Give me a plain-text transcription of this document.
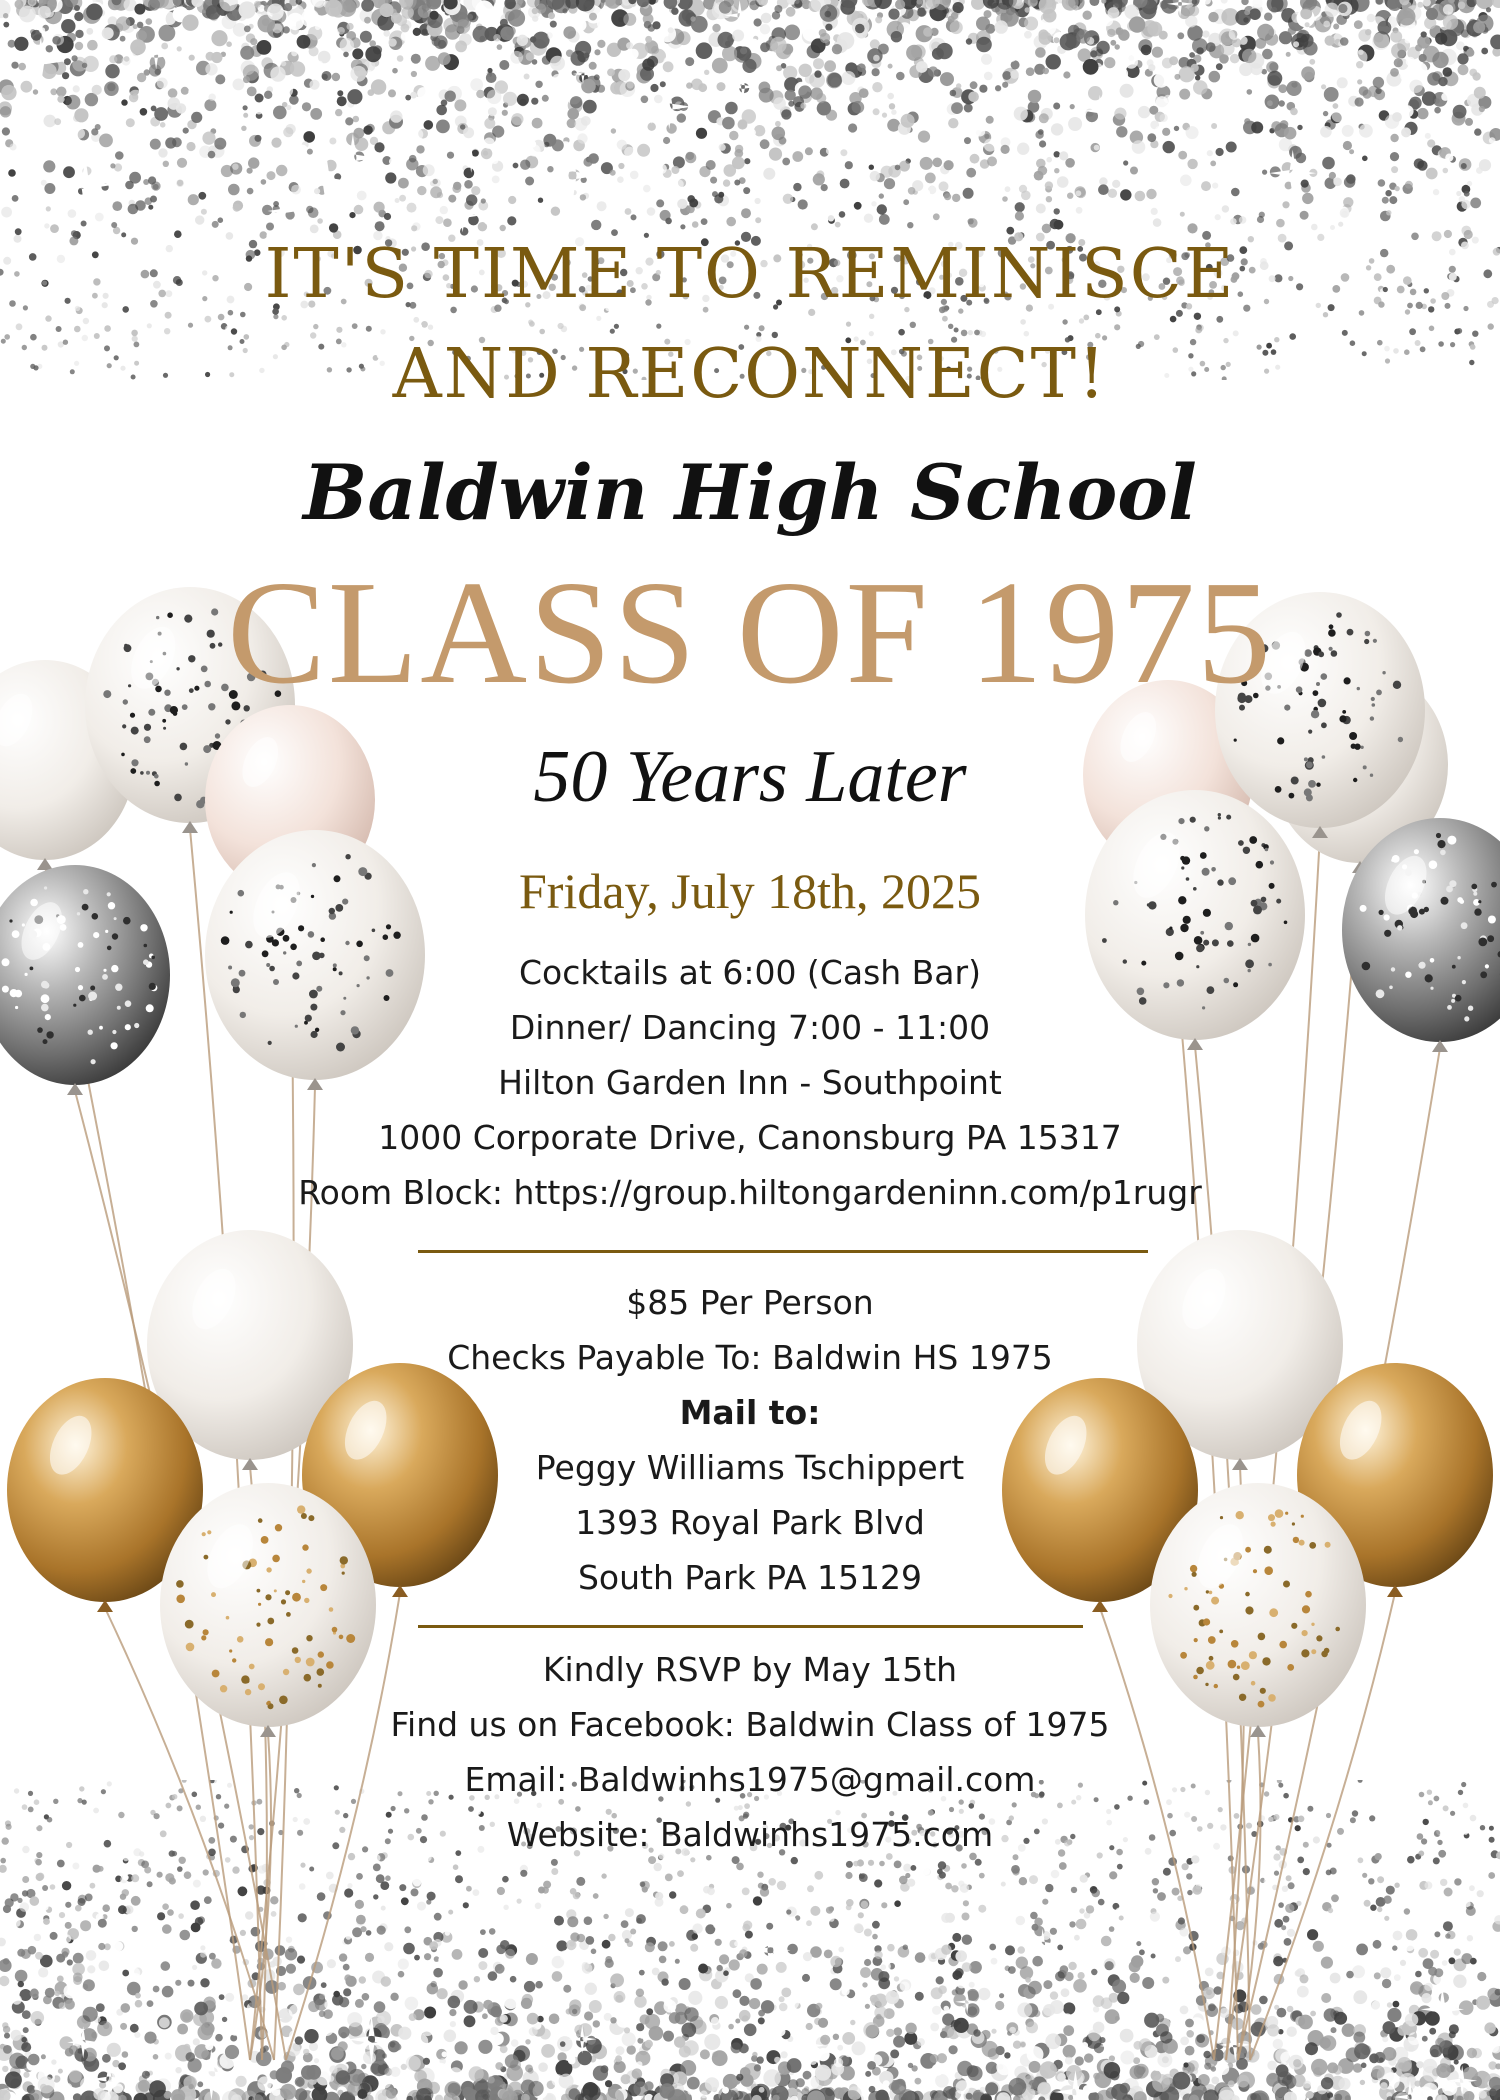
IT'S TIME TO REMINISCE
AND RECONNECT!
Baldwin High School
CLASS OF 1975
50 Years Later
Friday, July 18th, 2025
Cocktails at 6:00 (Cash Bar)
Dinner/ Dancing 7:00 - 11:00
Hilton Garden Inn - Southpoint
1000 Corporate Drive, Canonsburg PA 15317
Room Block: https://group.hiltongardeninn.com/p1rugr
$85 Per Person
Checks Payable To: Baldwin HS 1975
Mail to:
Peggy Williams Tschippert
1393 Royal Park Blvd
South Park PA 15129
Kindly RSVP by May 15th
Find us on Facebook: Baldwin Class of 1975
Email: Baldwinhs1975@gmail.com
Website: Baldwinhs1975.com
